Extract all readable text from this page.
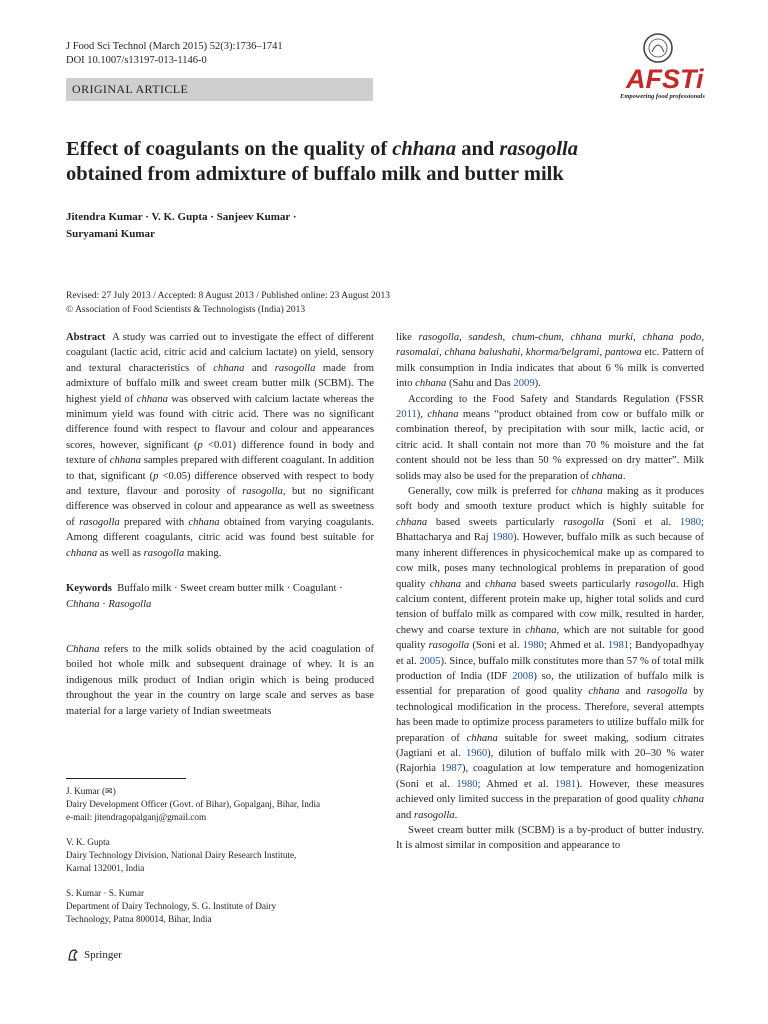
J Food Sci Technol (March 2015) 52(3):1736–1741
DOI 10.1007/s13197-013-1146-0
ORIGINAL ARTICLE	AFSTi
Empowering food professionals
Effect of coagulants on the quality of chhana and rasogolla
obtained from admixture of buffalo milk and butter milk
Jitendra Kumar · V. K. Gupta · Sanjeev Kumar ·
Suryamani Kumar
Revised: 27 July 2013 / Accepted: 8 August 2013 / Published online: 23 August 2013
© Association of Food Scientists & Technologists (India) 2013

Abstract A study was carried out to investigate the effect of different coagulant (lactic acid, citric acid and calcium lactate) on yield, sensory and textural characteristics of chhana and rasogolla made from admixture of buffalo milk and sweet cream butter milk (SCBM). The highest yield of chhana was observed with calcium lactate whereas the minimum yield was found with citric acid. There was no significant difference found with respect to flavour and colour and appearances scores, however, significant (p <0.01) difference found in body and texture of chhana samples prepared with different coagulant. In addition to that, significant (p <0.05) difference observed with respect to body and texture, flavour and porosity of rasogolla, but no significant difference was observed in colour and appearance as well as sweetness of rasogolla prepared with chhana obtained from varying coagulants. Among different coagulants, citric acid was found best suitable for chhana as well as rasogolla making.

Keywords Buffalo milk · Sweet cream butter milk · Coagulant · Chhana · Rasogolla

Chhana refers to the milk solids obtained by the acid coagulation of boiled hot whole milk and subsequent drainage of whey. It is an indigenous milk product of Indian origin which is being produced throughout the year in the country on large scale and serves as base material for a large variety of Indian sweetmeats

J. Kumar (✉)
Dairy Development Officer (Govt. of Bihar), Gopalganj, Bihar, India
e-mail: jitendragopalganj@gmail.com
V. K. Gupta
Dairy Technology Division, National Dairy Research Institute,
Karnal 132001, India
S. Kumar · S. Kumar
Department of Dairy Technology, S. G. Institute of Dairy
Technology, Patna 800014, Bihar, India
Springer

like rasogolla, sandesh, chum-chum, chhana murki, chhana podo, rasomalai, chhana balushahi, khorma/belgrami, pantowa etc. Pattern of milk consumption in India indicates that about 6 % milk is converted into chhana (Sahu and Das 2009).

According to the Food Safety and Standards Regulation (FSSR 2011), chhana means “product obtained from cow or buffalo milk or combination thereof, by precipitation with sour milk, lactic acid, or citric acid. It shall contain not more than 70 % moisture and the fat content should not be less than 50 % expressed on dry matter”. Milk solids may also be used for the preparation of chhana.

Generally, cow milk is preferred for chhana making as it produces soft body and smooth texture product which is highly suitable for chhana based sweets particularly rasogolla (Soni et al. 1980; Bhattacharya and Raj 1980). However, buffalo milk as such because of many inherent differences in physicochemical make up as compared to cow milk, poses many technological problems in preparation of good quality chhana and chhana based sweets particularly rasogolla. High calcium content, different protein make up, higher total solids and curd tension of buffalo milk as compared with cow milk, resulted in harder, chewy and coarse texture in chhana, which are not suitable for good quality rasogolla (Soni et al. 1980; Ahmed et al. 1981; Bandyopadhyay et al. 2005). Since, buffalo milk constitutes more than 57 % of total milk production of India (IDF 2008) so, the utilization of buffalo milk is essential for preparation of good quality chhana and rasogolla by technological modification in the process. Therefore, several attempts has been made to optimize process parameters to utilize buffalo milk for preparation of chhana suitable for sweet making, sodium citrates (Jagtiani et al. 1960), dilution of buffalo milk with 20–30 % water (Rajorhia 1987), coagulation at low temperature and homogenization (Soni et al. 1980; Ahmed et al. 1981). However, these measures achieved only limited success in the preparation of good quality chhana and rasogolla.

Sweet cream butter milk (SCBM) is a by-product of butter industry. It is almost similar in composition and appearance to
